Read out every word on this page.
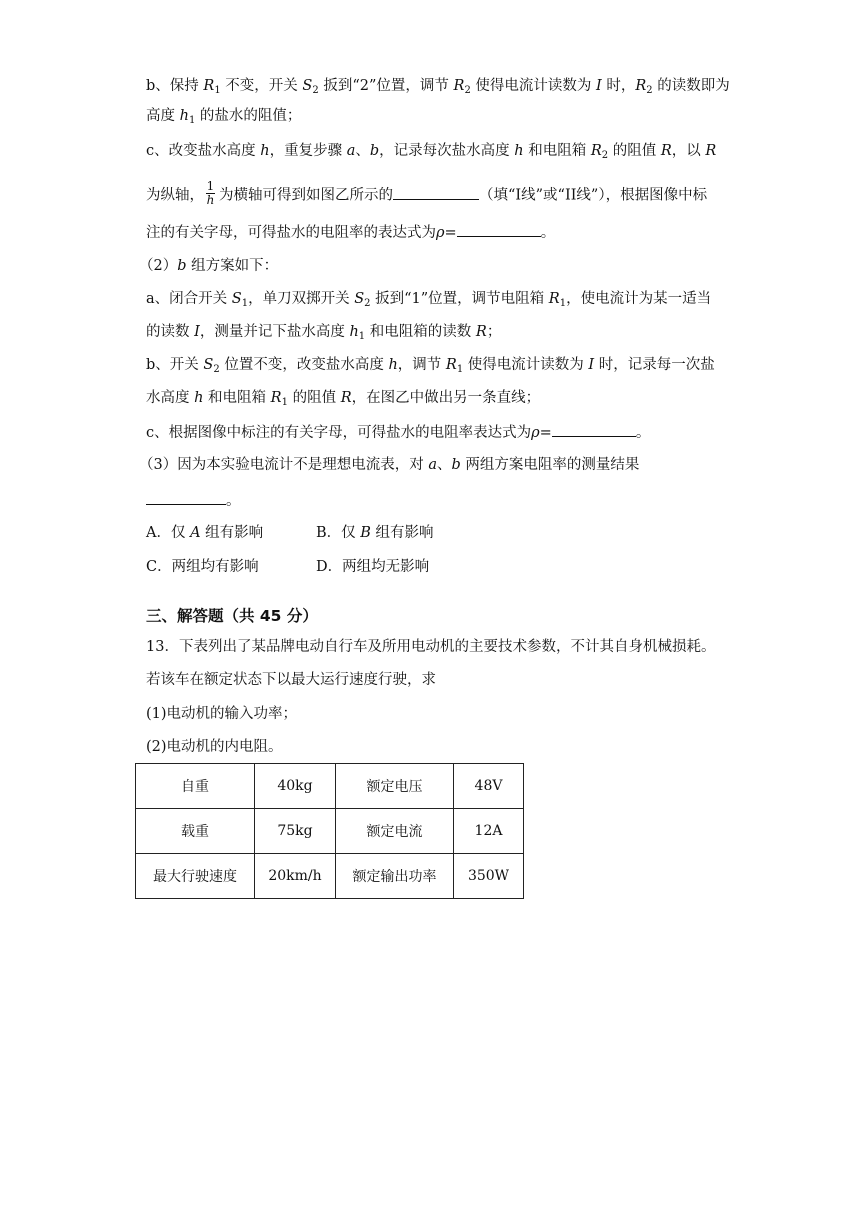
b、保持 $R_1$ 不变，开关 $S_2$ 扳到“2”位置，调节 $R_2$ 使得电流计读数为 I 时，$R_2$ 的读数即为
高度 $h_1$ 的盐水的阻值；
c、改变盐水高度 h，重复步骤 a、b，记录每次盐水高度 h 和电阻箱 $R_2$ 的阻值 R，以 R
为纵轴， $\frac{1}{h}$ 为横轴可得到如图乙所示的	（填“I线”或“II线”），根据图像中标
注的有关字母，可得盐水的电阻率的表达式为ρ=	。
（2）b 组方案如下：
a、闭合开关 $S_1$，单刀双掷开关 $S_2$ 扳到“1”位置，调节电阻箱 $R_1$，使电流计为某一适当
的读数 I，测量并记下盐水高度 $h_1$ 和电阻箱的读数 R；
b、开关 $S_2$ 位置不变，改变盐水高度 h，调节 $R_1$ 使得电流计读数为 I 时，记录每一次盐
水高度 h 和电阻箱 $R_1$ 的阻值 R，在图乙中做出另一条直线；
c、根据图像中标注的有关字母，可得盐水的电阻率表达式为ρ=	。
（3）因为本实验电流计不是理想电流表，对 a、b 两组方案电阻率的测量结果
。
A．仅 A 组有影响	B．仅 B 组有影响
C．两组均有影响	D．两组均无影响
三、解答题（共 45 分）
13．下表列出了某品牌电动自行车及所用电动机的主要技术参数，不计其自身机械损耗。
若该车在额定状态下以最大运行速度行驶，求
(1)电动机的输入功率；
(2)电动机的内电阻。
自重	40kg	额定电压	48V
载重	75kg	额定电流	12A
最大行驶速度	20km/h	额定输出功率	350W
